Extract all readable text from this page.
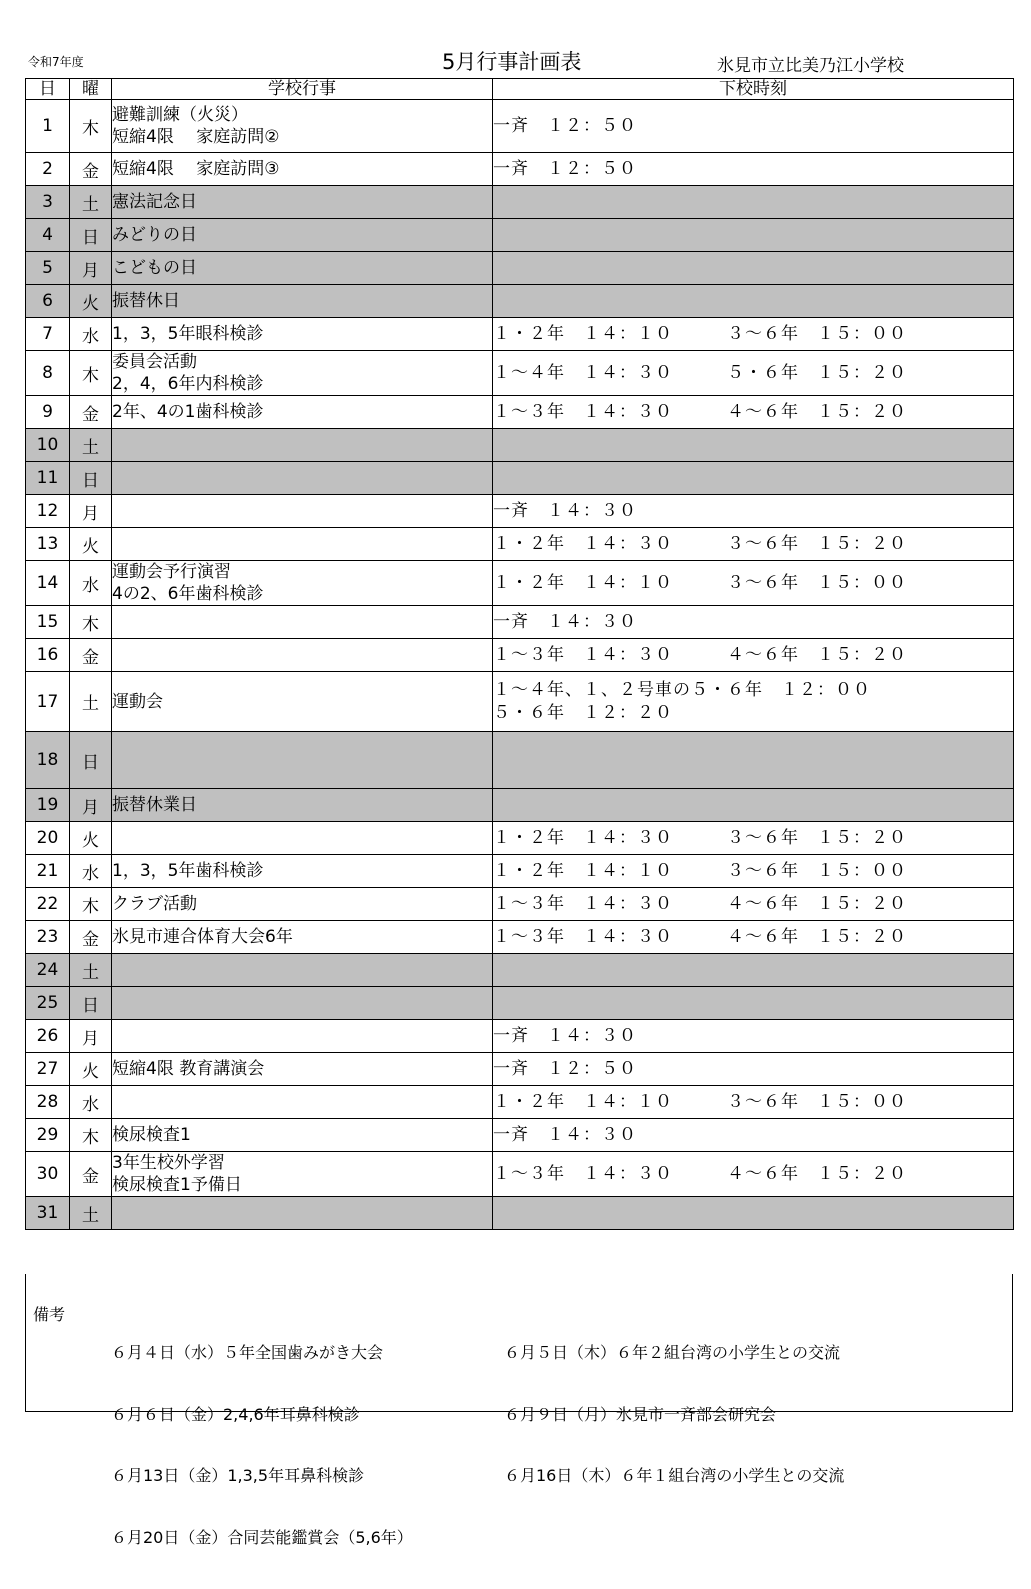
令和7年度	5月行事計画表	氷見市立比美乃江小学校
日	曜	学校行事	下校時刻
1	木	避難訓練（火災）
短縮4限　 家庭訪問②	一斉　１２：５０

2	金	短縮4限　 家庭訪問③	一斉　１２：５０

3	土	憲法記念日	

4	日	みどりの日	

5	月	こどもの日	

6	火	振替休日	

7	水	1，3，5年眼科検診	１・２年　１４：１０　　　３～６年　１５：００

8	木	委員会活動
2，4，6年内科検診	１～４年　１４：３０　　　５・６年　１５：２０

9	金	2年、4の1歯科検診	１～３年　１４：３０　　　４～６年　１５：２０

10	土		
11	日		
12	月		一斉　１４：３０

13	火		１・２年　１４：３０　　　３～６年　１５：２０

14	水	運動会予行演習
4の2、6年歯科検診	１・２年　１４：１０　　　３～６年　１５：００

15	木		一斉　１４：３０

16	金		１～３年　１４：３０　　　４～６年　１５：２０

17	土	運動会	１～４年、１、２号車の５・６年　１２：００
５・６年　１２：２０

18	日		
19	月	振替休業日	

20	火		１・２年　１４：３０　　　３～６年　１５：２０

21	水	1，3，5年歯科検診	１・２年　１４：１０　　　３～６年　１５：００

22	木	クラブ活動	１～３年　１４：３０　　　４～６年　１５：２０

23	金	氷見市連合体育大会6年	１～３年　１４：３０　　　４～６年　１５：２０

24	土		
25	日		
26	月		一斉　１４：３０

27	火	短縮4限 教育講演会	一斉　１２：５０

28	水		１・２年　１４：１０　　　３～６年　１５：００

29	木	検尿検査1	一斉　１４：３０

30	金	3年生校外学習
検尿検査1予備日	１～３年　１４：３０　　　４～６年　１５：２０

31	土		
備考

６月４日（水）５年全国歯みがき大会

６月６日（金）2,4,6年耳鼻科検診

６月13日（金）1,3,5年耳鼻科検診

６月20日（金）合同芸能鑑賞会（5,6年）

６月５日（木）６年２組台湾の小学生との交流

６月９日（月）氷見市一斉部会研究会

６月16日（木）６年１組台湾の小学生との交流
